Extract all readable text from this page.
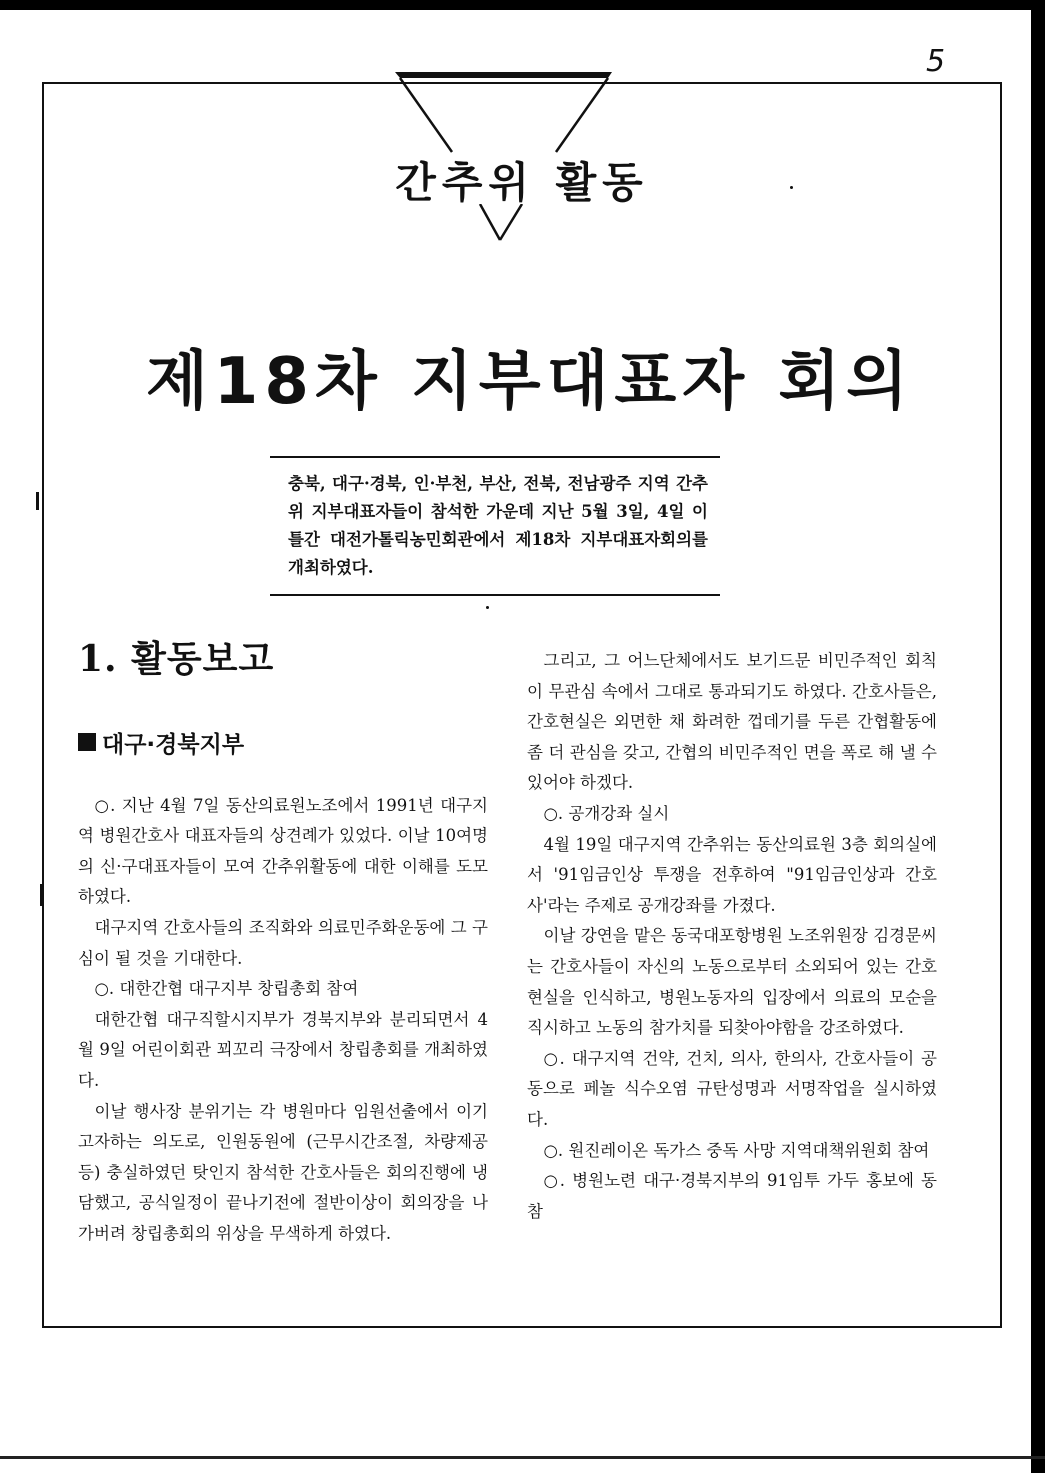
5
간추위 활동
제18차 지부대표자 회의
충북, 대구·경북, 인·부천, 부산, 전북, 전남광주 지역 간추위 지부대표자들이 참석한 가운데 지난 5월 3일, 4일 이틀간 대전가톨릭농민회관에서 제18차 지부대표자회의를 개최하였다.
1. 활동보고
대구·경북지부

○. 지난 4월 7일 동산의료원노조에서 1991년 대구지역 병원간호사 대표자들의 상견례가 있었다. 이날 10여명의 신·구대표자들이 모여 간추위활동에 대한 이해를 도모하였다.

대구지역 간호사들의 조직화와 의료민주화운동에 그 구심이 될 것을 기대한다.

○. 대한간협 대구지부 창립총회 참여

대한간협 대구직할시지부가 경북지부와 분리되면서 4월 9일 어린이회관 꾀꼬리 극장에서 창립총회를 개최하였다.

이날 행사장 분위기는 각 병원마다 임원선출에서 이기고자하는 의도로, 인원동원에 (근무시간조절, 차량제공 등) 충실하였던 탓인지 참석한 간호사들은 회의진행에 냉담했고, 공식일정이 끝나기전에 절반이상이 회의장을 나가버려 창립총회의 위상을 무색하게 하였다.

그리고, 그 어느단체에서도 보기드문 비민주적인 회칙이 무관심 속에서 그대로 통과되기도 하였다. 간호사들은, 간호현실은 외면한 채 화려한 껍데기를 두른 간협활동에 좀 더 관심을 갖고, 간협의 비민주적인 면을 폭로 해 낼 수 있어야 하겠다.

○. 공개강좌 실시

4월 19일 대구지역 간추위는 동산의료원 3층 회의실에서 '91임금인상 투쟁을 전후하여 "91임금인상과 간호사'라는 주제로 공개강좌를 가졌다.

이날 강연을 맡은 동국대포항병원 노조위원장 김경문씨는 간호사들이 자신의 노동으로부터 소외되어 있는 간호현실을 인식하고, 병원노동자의 입장에서 의료의 모순을 직시하고 노동의 참가치를 되찾아야함을 강조하였다.

○. 대구지역 건약, 건치, 의사, 한의사, 간호사들이 공동으로 페놀 식수오염 규탄성명과 서명작업을 실시하였다.

○. 원진레이온 독가스 중독 사망 지역대책위원회 참여

○. 병원노련 대구·경북지부의 91임투 가두 홍보에 동참
